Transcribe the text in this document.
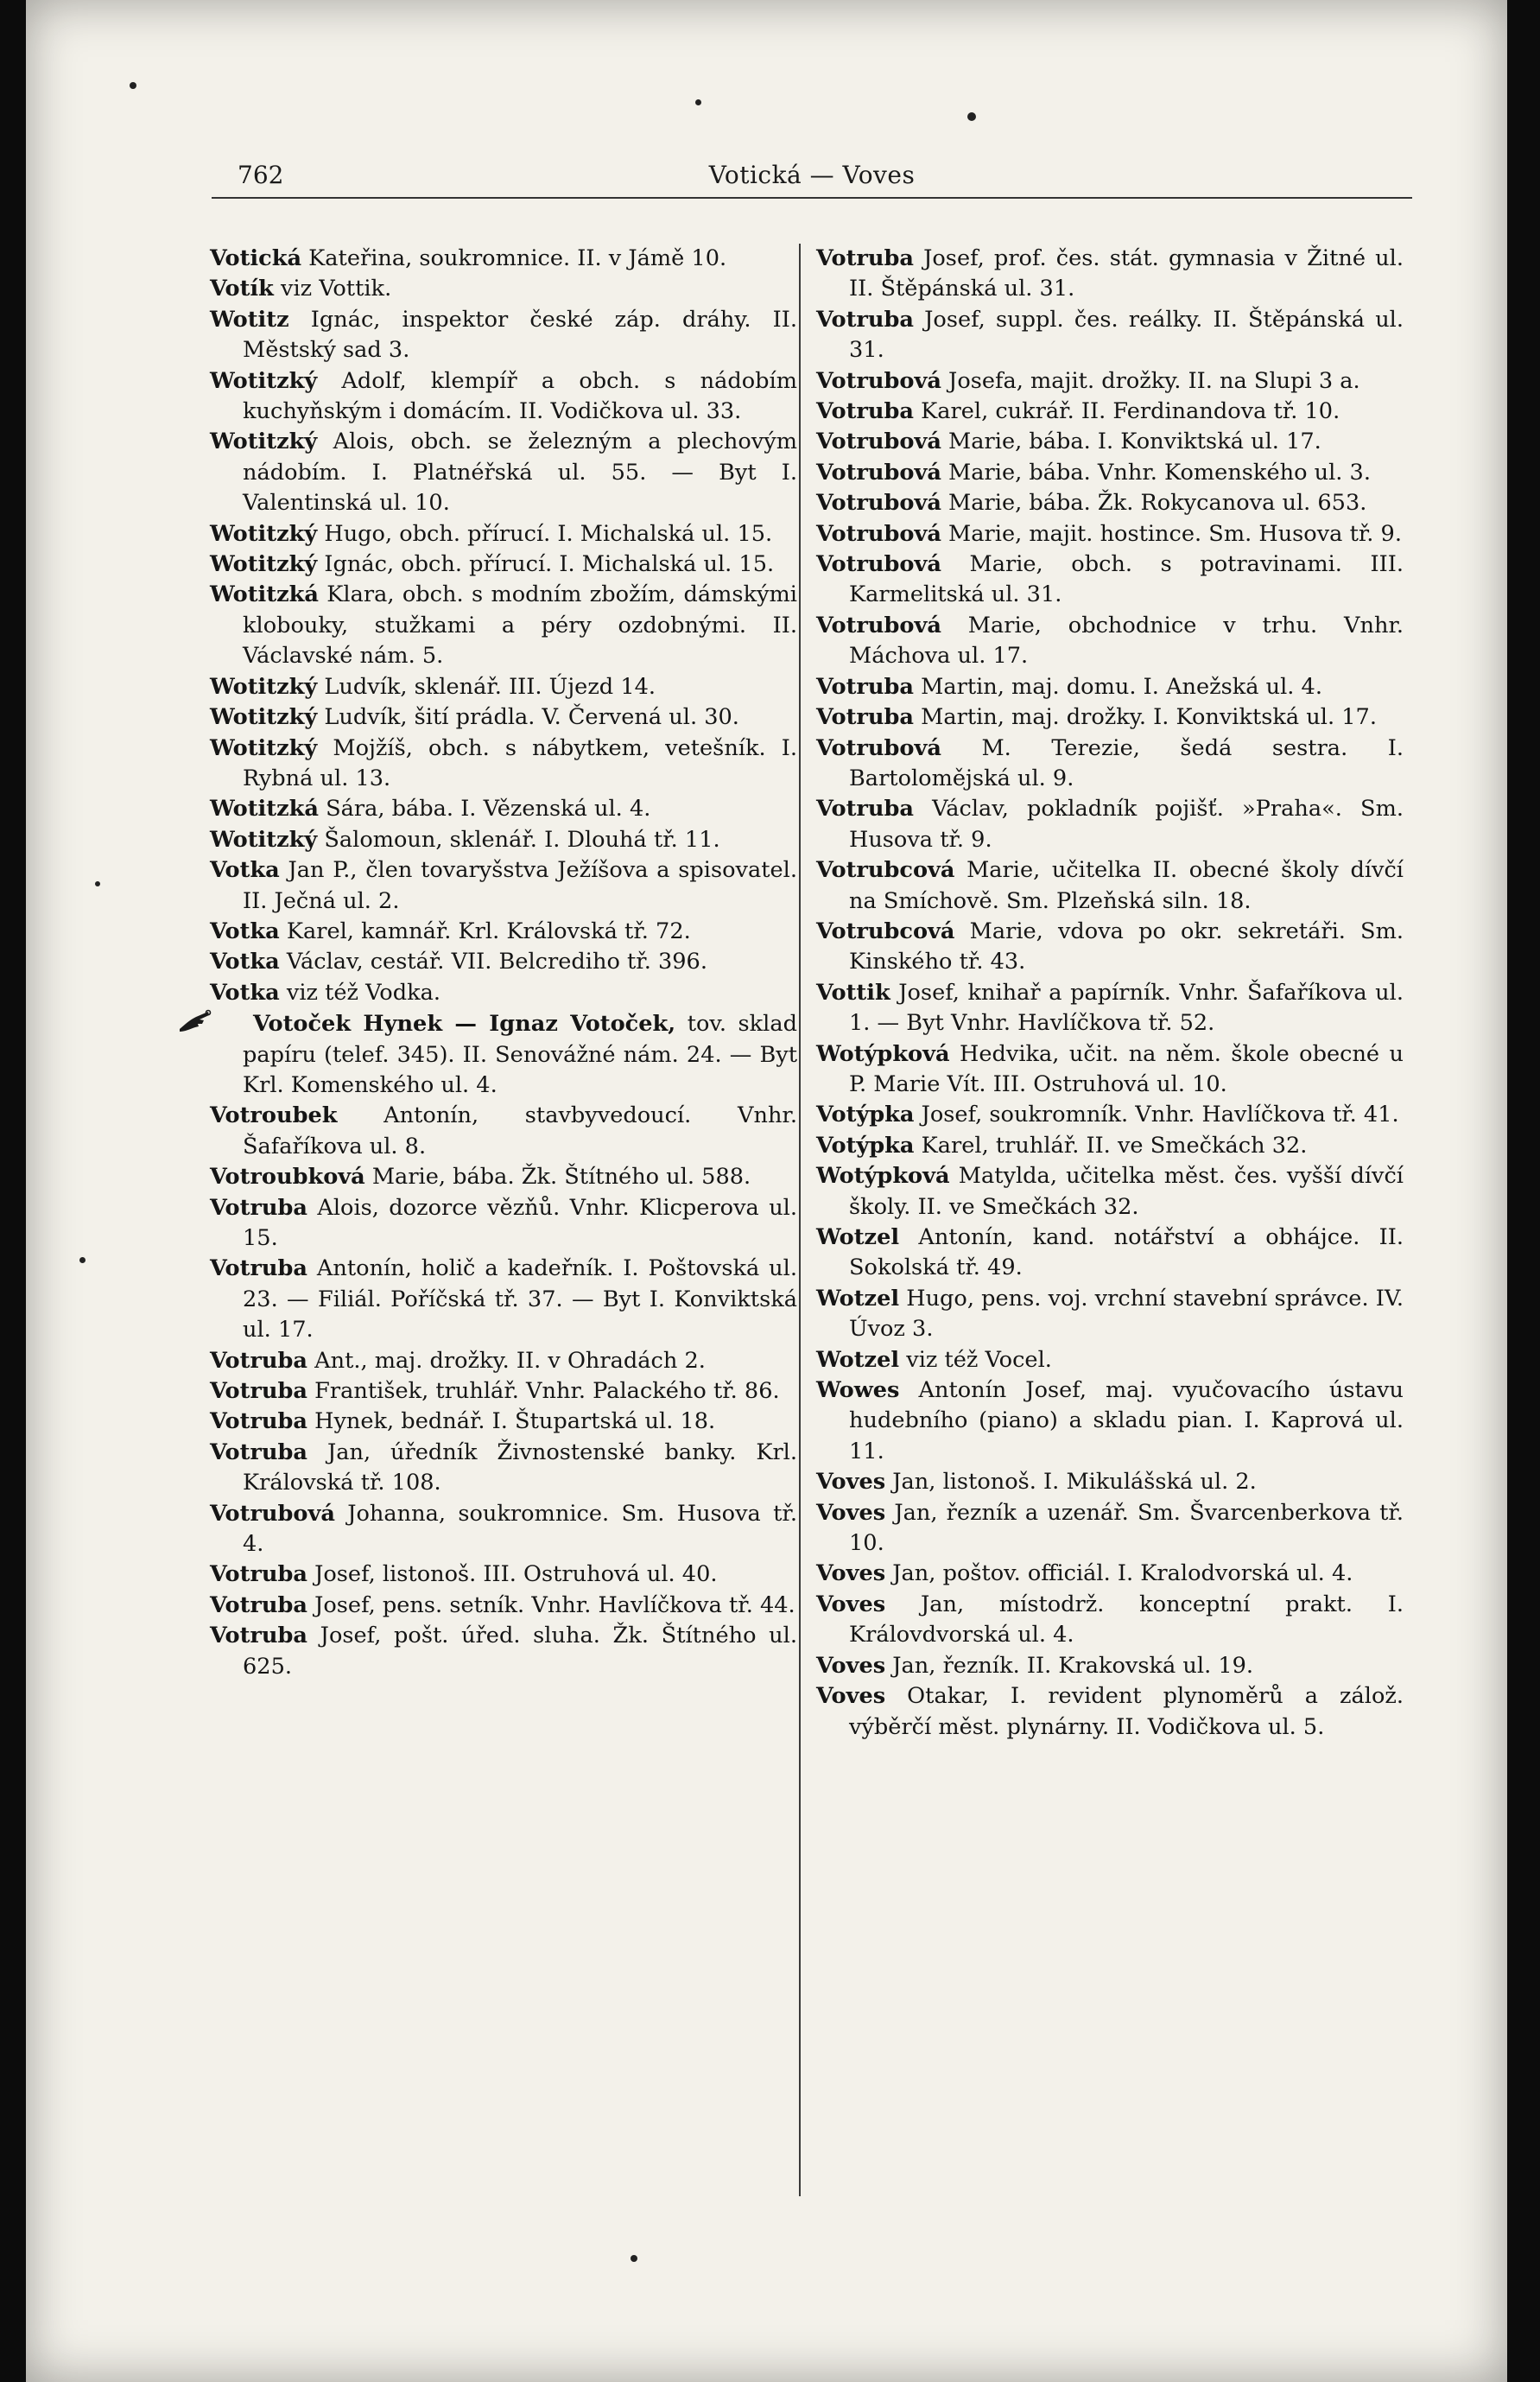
762	Votická — Voves

Votická Kateřina, soukromnice. II. v Jámě 10.

Votík viz Vottik.

Wotitz Ignác, inspektor české záp. dráhy. II. Městský sad 3.

Wotitzký Adolf, klempíř a obch. s nádobím kuchyňským i domácím. II. Vodičkova ul. 33.

Wotitzký Alois, obch. se železným a plechovým nádobím. I. Platnéřská ul. 55. — Byt I. Valentinská ul. 10.

Wotitzký Hugo, obch. přírucí. I. Michalská ul. 15.

Wotitzký Ignác, obch. přírucí. I. Michalská ul. 15.

Wotitzká Klara, obch. s modním zbožím, dámskými klobouky, stužkami a péry ozdobnými. II. Václavské nám. 5.

Wotitzký Ludvík, sklenář. III. Újezd 14.

Wotitzký Ludvík, šití prádla. V. Červená ul. 30.

Wotitzký Mojžíš, obch. s nábytkem, vetešník. I. Rybná ul. 13.

Wotitzká Sára, bába. I. Vězenská ul. 4.

Wotitzký Šalomoun, sklenář. I. Dlouhá tř. 11.

Votka Jan P., člen tovaryšstva Ježíšova a spisovatel. II. Ječná ul. 2.

Votka Karel, kamnář. Krl. Královská tř. 72.

Votka Václav, cestář. VII. Belcrediho tř. 396.

Votka viz též Vodka.

Votoček Hynek — Ignaz Votoček, tov. sklad papíru (telef. 345). II. Senovážné nám. 24. — Byt Krl. Komenského ul. 4.

Votroubek Antonín, stavbyvedoucí. Vnhr. Šafaříkova ul. 8.

Votroubková Marie, bába. Žk. Štítného ul. 588.

Votruba Alois, dozorce vězňů. Vnhr. Klicperova ul. 15.

Votruba Antonín, holič a kadeřník. I. Poštovská ul. 23. — Filiál. Poříčská tř. 37. — Byt I. Konviktská ul. 17.

Votruba Ant., maj. drožky. II. v Ohradách 2.

Votruba František, truhlář. Vnhr. Palackého tř. 86.

Votruba Hynek, bednář. I. Štupartská ul. 18.

Votruba Jan, úředník Živnostenské banky. Krl. Královská tř. 108.

Votrubová Johanna, soukromnice. Sm. Husova tř. 4.

Votruba Josef, listonoš. III. Ostruhová ul. 40.

Votruba Josef, pens. setník. Vnhr. Havlíčkova tř. 44.

Votruba Josef, pošt. úřed. sluha. Žk. Štítného ul. 625.

Votruba Josef, prof. čes. stát. gymnasia v Žitné ul. II. Štěpánská ul. 31.

Votruba Josef, suppl. čes. reálky. II. Štěpánská ul. 31.

Votrubová Josefa, majit. drožky. II. na Slupi 3 a.

Votruba Karel, cukrář. II. Ferdinandova tř. 10.

Votrubová Marie, bába. I. Konviktská ul. 17.

Votrubová Marie, bába. Vnhr. Komenského ul. 3.

Votrubová Marie, bába. Žk. Rokycanova ul. 653.

Votrubová Marie, majit. hostince. Sm. Husova tř. 9.

Votrubová Marie, obch. s potravinami. III. Karmelitská ul. 31.

Votrubová Marie, obchodnice v trhu. Vnhr. Máchova ul. 17.

Votruba Martin, maj. domu. I. Anežská ul. 4.

Votruba Martin, maj. drožky. I. Konviktská ul. 17.

Votrubová M. Terezie, šedá sestra. I. Bartolomějská ul. 9.

Votruba Václav, pokladník pojišť. »Praha«. Sm. Husova tř. 9.

Votrubcová Marie, učitelka II. obecné školy dívčí na Smíchově. Sm. Plzeňská siln. 18.

Votrubcová Marie, vdova po okr. sekretáři. Sm. Kinského tř. 43.

Vottik Josef, knihař a papírník. Vnhr. Šafaříkova ul. 1. — Byt Vnhr. Havlíčkova tř. 52.

Wotýpková Hedvika, učit. na něm. škole obecné u P. Marie Vít. III. Ostruhová ul. 10.

Votýpka Josef, soukromník. Vnhr. Havlíčkova tř. 41.

Votýpka Karel, truhlář. II. ve Smečkách 32.

Wotýpková Matylda, učitelka měst. čes. vyšší dívčí školy. II. ve Smečkách 32.

Wotzel Antonín, kand. notářství a obhájce. II. Sokolská tř. 49.

Wotzel Hugo, pens. voj. vrchní stavební správce. IV. Úvoz 3.

Wotzel viz též Vocel.

Wowes Antonín Josef, maj. vyučovacího ústavu hudebního (piano) a skladu pian. I. Kaprová ul. 11.

Voves Jan, listonoš. I. Mikulášská ul. 2.

Voves Jan, řezník a uzenář. Sm. Švarcenberkova tř. 10.

Voves Jan, poštov. officiál. I. Kralodvorská ul. 4.

Voves Jan, místodrž. konceptní prakt. I. Královdvorská ul. 4.

Voves Jan, řezník. II. Krakovská ul. 19.

Voves Otakar, I. revident plynoměrů a zálož. výběrčí měst. plynárny. II. Vodičkova ul. 5.
